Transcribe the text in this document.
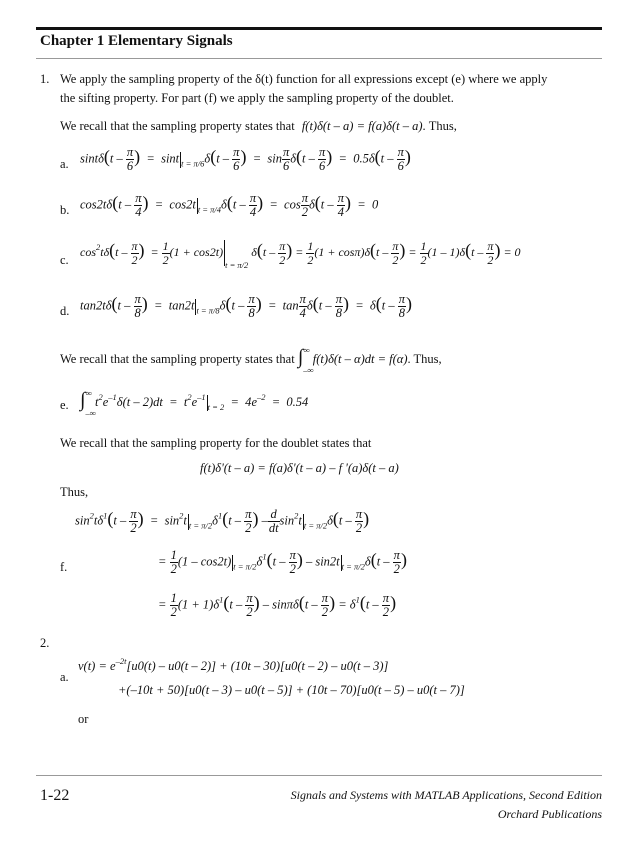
Chapter 1 Elementary Signals
1. We apply the sampling property of the δ(t) function for all expressions except (e) where we apply
the sifting property. For part (f) we apply the sampling property of the doublet.
We recall that the sampling property states that f(t)δ(t – a) = f(a)δ(t – a). Thus,
a. $\sin t\delta(t - \frac{\pi}{6}$ )  =  sint $_{t = \pi/6}\delta(t - \frac{\pi}{6}$ )  =  $\sin \frac{\pi}{6} \delta(t - \frac{\pi}{6}$ )  =  $0.5\delta(t - \frac{\pi}{6}$ )
b. $\cos 2t\delta(t - \frac{\pi}{4}$ )  =  cos2t $_{t = \pi/4}\delta(t - \frac{\pi}{4}$ )  =  $\cos \frac{\pi}{2} \delta(t - \frac{\pi}{4}$ )  =  0
c.
$\cos^2t\delta(t - \frac{\pi}{2}$ )  = $\frac{1}{2} (1 + \cos 2t)_{t = \pi/2}$ $\delta(t - \frac{\pi}{2}$ ) = $\frac{1}{2} (1 + \cos\pi)\delta(t - \frac{\pi}{2}$ ) = $\frac{1}{2} (1 - 1)\delta(t - \frac{\pi}{2}$ ) = 0
d. $\tan 2t\delta(t - \frac{\pi}{8}$ )  =  tan2t $_{t = \pi/8}\delta(t - \frac{\pi}{8}$ )  =  $\tan \frac{\pi}{4} \delta(t - \frac{\pi}{8}$ )  =  $\delta(t - \frac{\pi}{8}$ )
We recall that the sampling property states that $\int_{-\infty}^\infty$ f(t)δ(t – α)dt = f(α). Thus,
e. $\int_{-\infty}^\infty$ $t^2e^{-1}\delta(t - 2)dt = t^2e^{-1}_{t = 2} = 4e^{-2} = 0.54$
We recall that the sampling property for the doublet states that
f(t)δ'(t – a) = f(a)δ'(t – a) – f '(a)δ(t – a)
Thus,
$\sin^2t\delta^1(t - \frac{\pi}{2}$ )  =  $\sin^2t$ $_{t = \pi/2}\delta^1(t - \frac{\pi}{2}$ ) – $\frac{d}{dt} \sin^2t$ $_{t = \pi/2}\delta(t - \frac{\pi}{2}$ )
f.	= $\frac{1}{2} (1 - \cos 2t)$ $_{t = \pi/2}\delta^1(t - \frac{\pi}{2}$ ) – sin2t $_{t = \pi/2}\delta(t - \frac{\pi}{2}$ )
= $\frac{1}{2} (1 + 1)\delta^1(t - \frac{\pi}{2}$ ) – $\sin\pi\delta(t - \frac{\pi}{2}$ ) = $\delta^1(t - \frac{\pi}{2}$ )
2.
a.
$v(t) = e^{-2t}[u0(t) - u0(t - 2)] + (10t - 30)[u0(t - 2) - u0(t - 3)]$
+(–10t + 50)[u0(t – 3) – u0(t – 5)] + (10t – 70)[u0(t – 5) – u0(t – 7)]
or
1-22	Signals and Systems with MATLAB Applications, Second Edition
Orchard Publications
